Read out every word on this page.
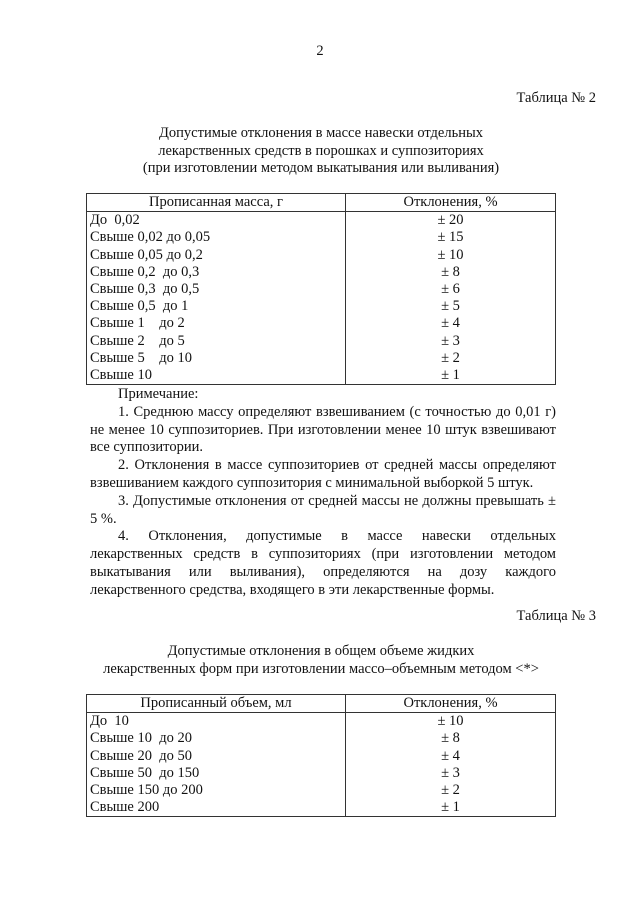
2
Таблица № 2
Допустимые отклонения в массе навески отдельных
лекарственных средств в порошках и суппозиториях
(при изготовлении методом выкатывания или выливания)
Прописанная масса, г	Отклонения, %
До  0,02	± 20
Свыше 0,02 до 0,05	± 15
Свыше 0,05 до 0,2	± 10
Свыше 0,2  до 0,3	± 8
Свыше 0,3  до 0,5	± 6
Свыше 0,5  до 1	± 5
Свыше 1    до 2	± 4
Свыше 2    до 5	± 3
Свыше 5    до 10	± 2
Свыше 10	± 1
Примечание:

1. Среднюю массу определяют взвешиванием (с точностью до 0,01 г) не менее 10 суппозиториев. При изготовлении менее 10 штук взвешивают все суппозитории.

2. Отклонения в массе суппозиториев от средней массы определяют взвешиванием каждого суппозитория с минимальной выборкой 5 штук.

3. Допустимые отклонения от средней массы не должны превышать ± 5 %.

4. Отклонения, допустимые в массе навески отдельных лекарственных средств в суппозиториях (при изготовлении методом выкатывания или выливания), определяются на дозу каждого лекарственного средства, входящего в эти лекарственные формы.

Таблица № 3
Допустимые отклонения в общем объеме жидких
лекарственных форм при изготовлении массо–объемным методом <*>
Прописанный объем, мл	Отклонения, %
До  10	± 10
Свыше 10  до 20	± 8
Свыше 20  до 50	± 4
Свыше 50  до 150	± 3
Свыше 150 до 200	± 2
Свыше 200	± 1
